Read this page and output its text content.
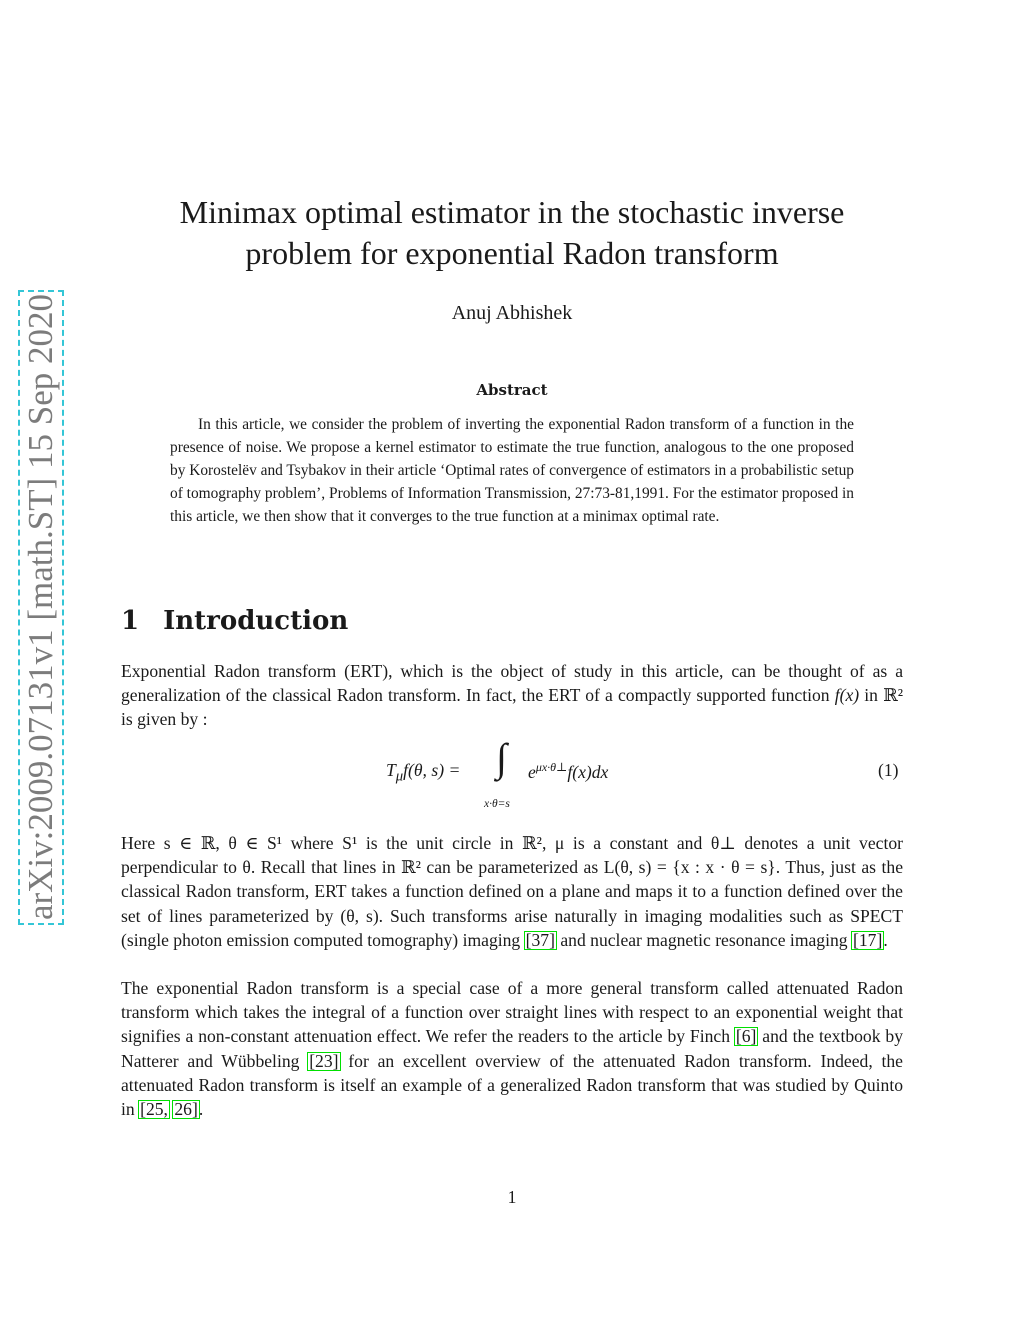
arXiv:2009.07131v1 [math.ST] 15 Sep 2020
Minimax optimal estimator in the stochastic inverse
problem for exponential Radon transform
Anuj Abhishek
Abstract
In this article, we consider the problem of inverting the exponential Radon transform of a function in the presence of noise. We propose a kernel estimator to estimate the true function, analogous to the one proposed by Korostelëv and Tsybakov in their article ‘Optimal rates of convergence of estimators in a probabilistic setup of tomography problem’, Problems of Information Transmission, 27:73-81,1991. For the estimator proposed in this article, we then show that it converges to the true function at a minimax optimal rate.
1 Introduction
Exponential Radon transform (ERT), which is the object of study in this article, can be thought of as a generalization of the classical Radon transform. In fact, the ERT of a compactly supported function f(x) in ℝ² is given by :
$T_\mu f(\theta$, s) = ∫
x·θ=s
$e^{\mu x\cdot\theta\perp}f(x)dx$	(1)
Here s ∈ ℝ, θ ∈ S¹ where S¹ is the unit circle in ℝ², μ is a constant and θ⊥ denotes a unit vector perpendicular to θ. Recall that lines in ℝ² can be parameterized as L(θ, s) = {x : x · θ = s}. Thus, just as the classical Radon transform, ERT takes a function defined on a plane and maps it to a function defined over the set of lines parameterized by (θ, s). Such transforms arise naturally in imaging modalities such as SPECT (single photon emission computed tomography) imaging [37] and nuclear magnetic resonance imaging [17].
The exponential Radon transform is a special case of a more general transform called attenuated Radon transform which takes the integral of a function over straight lines with respect to an exponential weight that signifies a non-constant attenuation effect. We refer the readers to the article by Finch [6] and the textbook by Natterer and Wübbeling [23] for an excellent overview of the attenuated Radon transform. Indeed, the attenuated Radon transform is itself an example of a generalized Radon transform that was studied by Quinto in [25, 26].
1
